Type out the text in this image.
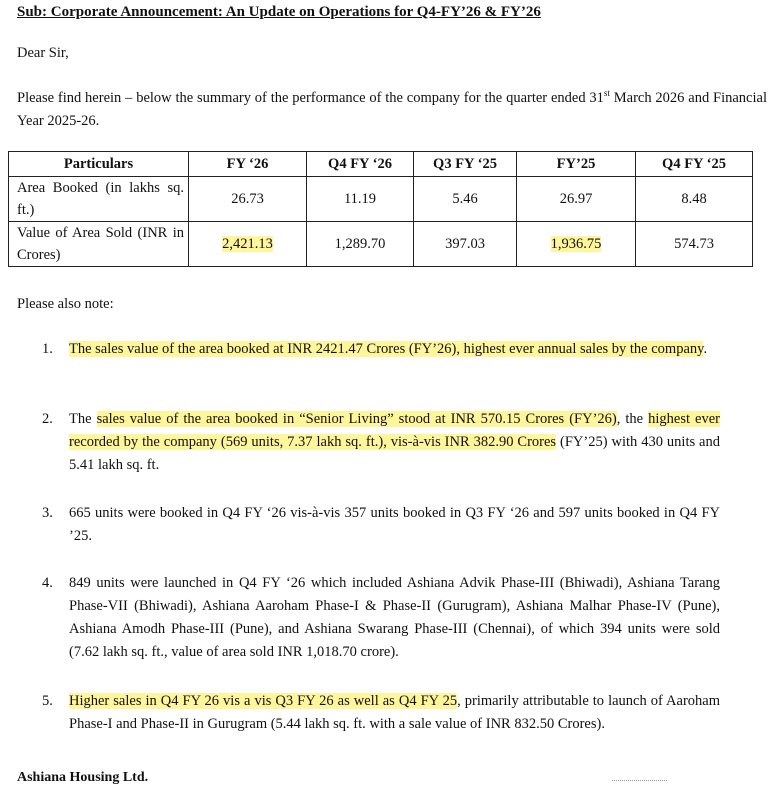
Sub: Corporate Announcement: An Update on Operations for Q4-FY’26 & FY’26
Dear Sir,
Please find herein – below the summary of the performance of the company for the quarter ended 31st March 2026 and Financial Year 2025-26.
Particulars	FY ‘26	Q4 FY ‘26	Q3 FY ‘25	FY’25	Q4 FY ‘25
Area Booked (in lakhs sq. ft.)	26.73	11.19	5.46	26.97	8.48
Value of Area Sold (INR in Crores)	2,421.13	1,289.70	397.03	1,936.75	574.73
Please also note:
1. The sales value of the area booked at INR 2421.47 Crores (FY’26), highest ever annual sales by the company.
2. The sales value of the area booked in “Senior Living” stood at INR 570.15 Crores (FY’26), the highest ever recorded by the company (569 units, 7.37 lakh sq. ft.), vis-à-vis INR 382.90 Crores (FY’25) with 430 units and 5.41 lakh sq. ft.
3. 665 units were booked in Q4 FY ‘26 vis-à-vis 357 units booked in Q3 FY ‘26 and 597 units booked in Q4 FY ’25.
4. 849 units were launched in Q4 FY ‘26 which included Ashiana Advik Phase-III (Bhiwadi), Ashiana Tarang Phase-VII (Bhiwadi), Ashiana Aaroham Phase-I & Phase-II (Gurugram), Ashiana Malhar Phase-IV (Pune), Ashiana Amodh Phase-III (Pune), and Ashiana Swarang Phase-III (Chennai), of which 394 units were sold (7.62 lakh sq. ft., value of area sold INR 1,018.70 crore).
5. Higher sales in Q4 FY 26 vis a vis Q3 FY 26 as well as Q4 FY 25, primarily attributable to launch of Aaroham Phase-I and Phase-II in Gurugram (5.44 lakh sq. ft. with a sale value of INR 832.50 Crores).
Ashiana Housing Ltd.
